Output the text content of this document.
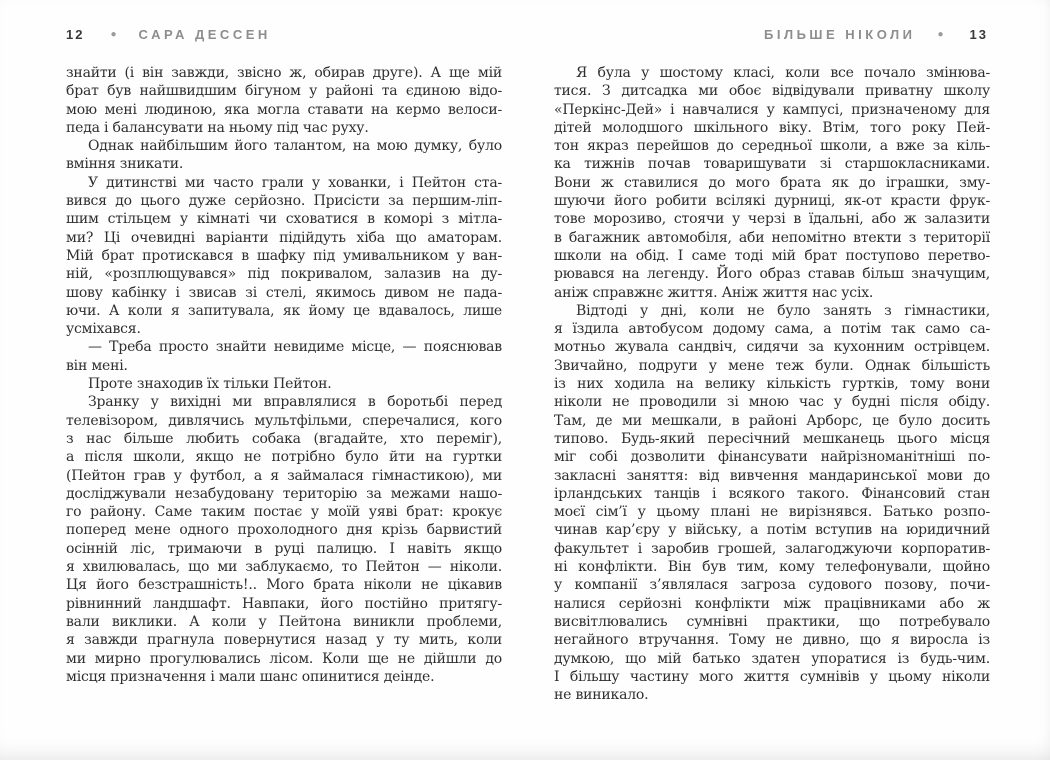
12	● САРА ДЕССЕН	БІЛЬШЕ НІКОЛИ ● 13
знайти (і він завжди, звісно ж, обирав друге). А ще мій
брат був найшвидшим бігуном у районі та єдиною відо-
мою мені людиною, яка могла ставати на кермо велоси-
педа і балансувати на ньому під час руху.
Однак найбільшим його талантом, на мою думку, було
вміння зникати.
У дитинстві ми часто грали у хованки, і Пейтон ста-
вився до цього дуже серйозно. Присісти за першим-ліп-
шим стільцем у кімнаті чи сховатися в коморі з мітла-
ми? Ці очевидні варіанти підійдуть хіба що аматорам.
Мій брат протискався в шафку під умивальником у ван-
ній, «розплющувався» під покривалом, залазив на ду-
шову кабінку і звисав зі стелі, якимось дивом не пада-
ючи. А коли я запитувала, як йому це вдавалось, лише
усміхався.
— Треба просто знайти невидиме місце, — пояснював
він мені.
Проте знаходив їх тільки Пейтон.
Зранку у вихідні ми вправлялися в боротьбі перед
телевізором, дивлячись мультфільми, сперечалися, кого
з нас більше любить собака (вгадайте, хто переміг),
а після школи, якщо не потрібно було йти на гуртки
(Пейтон грав у футбол, а я займалася гімнастикою), ми
досліджували незабудовану територію за межами нашо-
го району. Саме таким постає у моїй уяві брат: крокує
поперед мене одного прохолодного дня крізь барвистий
осінній ліс, тримаючи в руці палицю. І навіть якщо
я хвилювалась, що ми заблукаємо, то Пейтон — ніколи.
Ця його безстрашність!.. Мого брата ніколи не цікавив
рівнинний ландшафт. Навпаки, його постійно притягу-
вали виклики. А коли у Пейтона виникли проблеми,
я завжди прагнула повернутися назад у ту мить, коли
ми мирно прогулювались лісом. Коли ще не дійшли до
місця призначення і мали шанс опинитися деінде.
Я була у шостому класі, коли все почало змінюва-
тися. З дитсадка ми обоє відвідували приватну школу
«Перкінс-Дей» і навчалися у кампусі, призначеному для
дітей молодшого шкільного віку. Втім, того року Пей-
тон якраз перейшов до середньої школи, а вже за кіль-
ка тижнів почав товаришувати зі старшокласниками.
Вони ж ставилися до мого брата як до іграшки, зму-
шуючи його робити всілякі дурниці, як-от красти фрук-
тове морозиво, стоячи у черзі в їдальні, або ж залазити
в багажник автомобіля, аби непомітно втекти з території
школи на обід. І саме тоді мій брат поступово перетво-
рювався на легенду. Його образ ставав більш значущим,
аніж справжнє життя. Аніж життя нас усіх.
Відтоді у дні, коли не було занять з гімнастики,
я їздила автобусом додому сама, а потім так само са-
мотньо жувала сандвіч, сидячи за кухонним острівцем.
Звичайно, подруги у мене теж були. Однак більшість
із них ходила на велику кількість гуртків, тому вони
ніколи не проводили зі мною час у будні після обіду.
Там, де ми мешкали, в районі Арборс, це було досить
типово. Будь-який пересічний мешканець цього місця
міг собі дозволити фінансувати найрізноманітніші по-
закласні заняття: від вивчення мандаринської мови до
ірландських танців і всякого такого. Фінансовий стан
моєї сім’ї у цьому плані не вирізнявся. Батько розпо-
чинав кар’єру у війську, а потім вступив на юридичний
факультет і заробив грошей, залагоджуючи корпоратив-
ні конфлікти. Він був тим, кому телефонували, щойно
у компанії з’являлася загроза судового позову, почи-
налися серйозні конфлікти між працівниками або ж
висвітлювались сумнівні практики, що потребувало
негайного втручання. Тому не дивно, що я виросла із
думкою, що мій батько здатен упоратися із будь-чим.
І більшу частину мого життя сумнівів у цьому ніколи
не виникало.
